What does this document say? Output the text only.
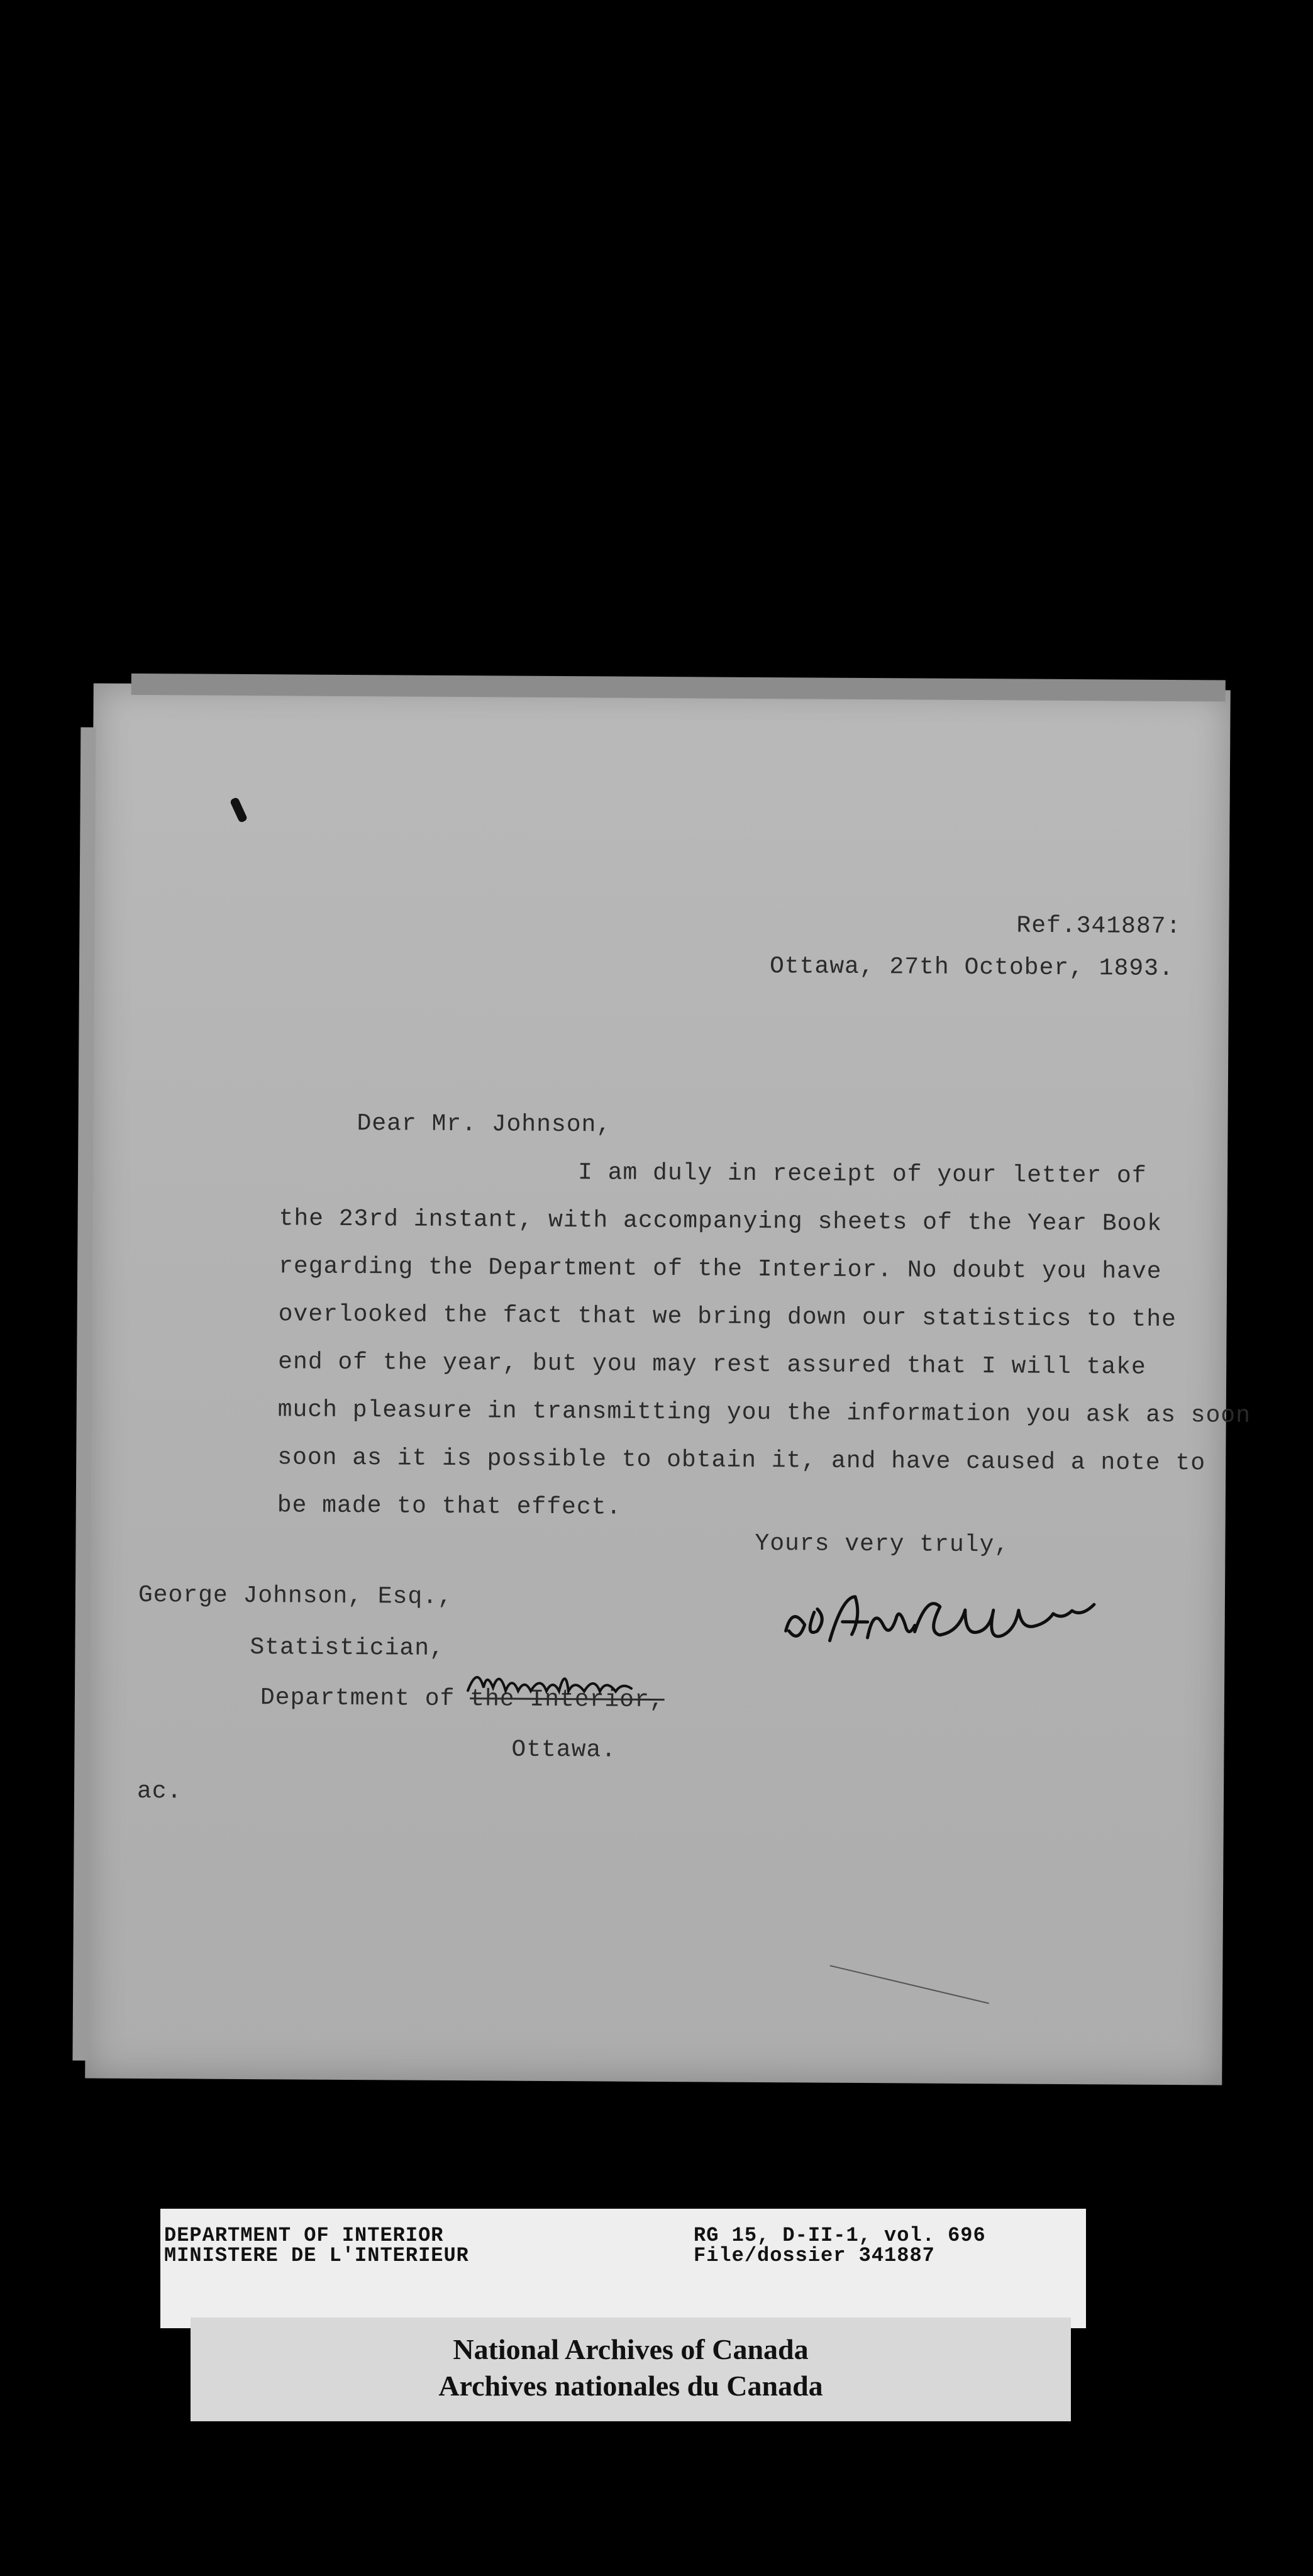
Ref.341887:
Ottawa, 27th October, 1893.
Dear Mr. Johnson,
I am duly in receipt of your letter of
the 23rd instant, with accompanying sheets of the Year Book
regarding the Department of the Interior. No doubt you have
overlooked the fact that we bring down our statistics to the
end of the year, but you may rest assured that I will take
much pleasure in transmitting you the information you ask as soon
soon as it is possible to obtain it, and have caused a note to
be made to that effect.
Yours very truly,
George Johnson, Esq.,
Statistician,
Department of the Interior,
Ottawa.
ac.
DEPARTMENT OF INTERIOR
MINISTERE DE L'INTERIEUR
RG 15, D-II-1, vol. 696
File/dossier 341887
National Archives of Canada
Archives nationales du Canada
